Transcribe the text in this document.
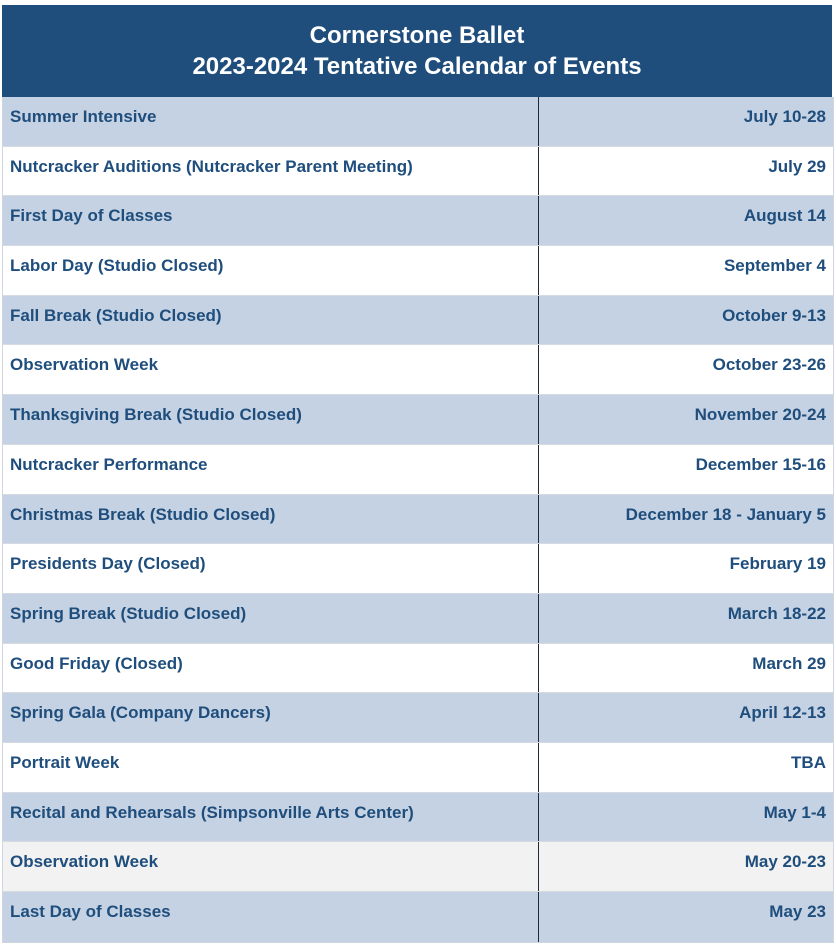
Cornerstone Ballet
2023-2024 Tentative Calendar of Events
Summer Intensive	July 10-28
Nutcracker Auditions (Nutcracker Parent Meeting)	July 29
First Day of Classes	August 14
Labor Day (Studio Closed)	September 4
Fall Break (Studio Closed)	October 9-13
Observation Week	October 23-26
Thanksgiving Break (Studio Closed)	November 20-24
Nutcracker Performance	December 15-16
Christmas Break (Studio Closed)	December 18 - January 5
Presidents Day (Closed)	February 19
Spring Break (Studio Closed)	March 18-22
Good Friday (Closed)	March 29
Spring Gala (Company Dancers)	April 12-13
Portrait Week	TBA
Recital and Rehearsals (Simpsonville Arts Center)	May 1-4
Observation Week	May 20-23
Last Day of Classes	May 23
